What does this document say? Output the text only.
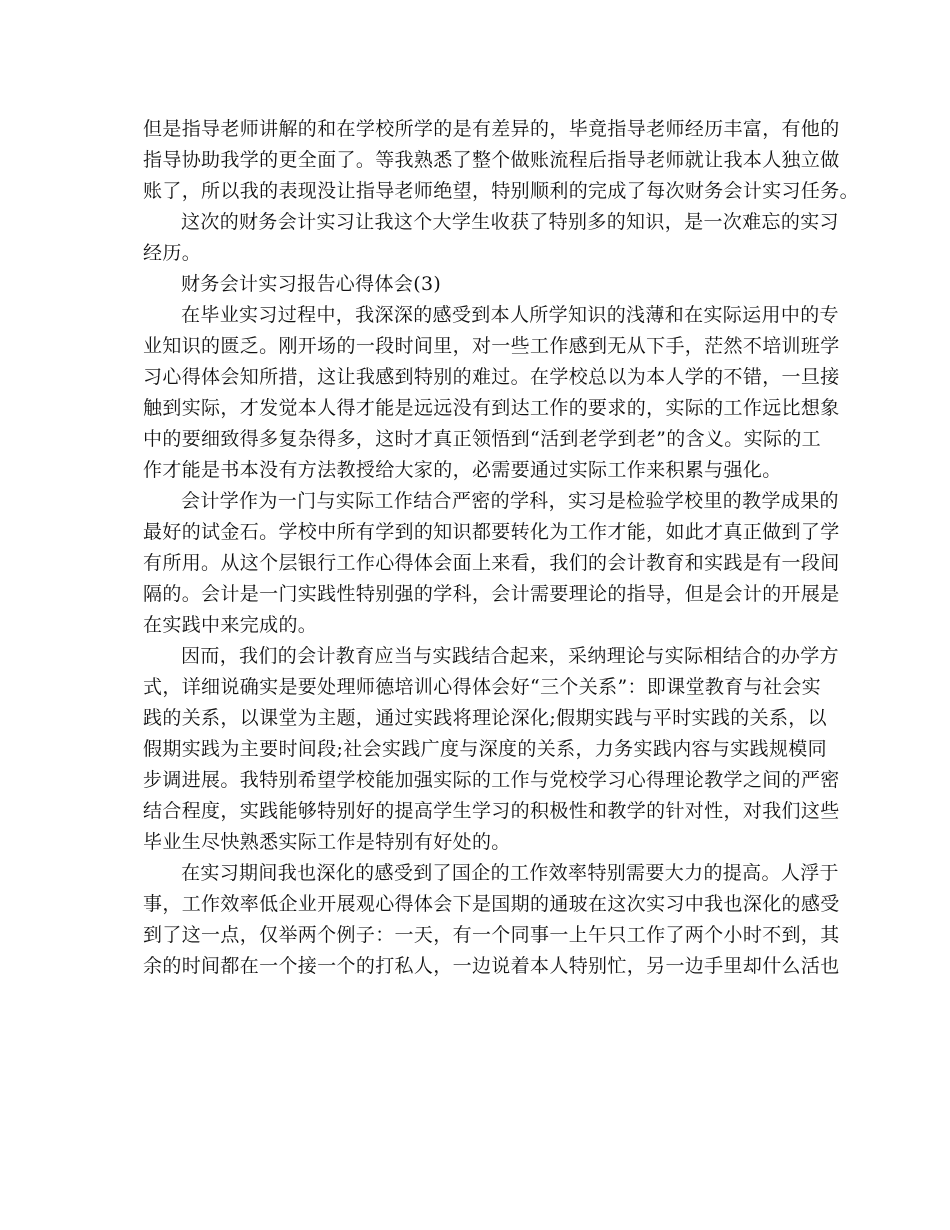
但是指导老师讲解的和在学校所学的是有差异的，毕竟指导老师经历丰富，有他的
指导协助我学的更全面了。等我熟悉了整个做账流程后指导老师就让我本人独立做
账了，所以我的表现没让指导老师绝望，特别顺利的完成了每次财务会计实习任务。
这次的财务会计实习让我这个大学生收获了特别多的知识，是一次难忘的实习
经历。
财务会计实习报告心得体会(3)
在毕业实习过程中，我深深的感受到本人所学知识的浅薄和在实际运用中的专
业知识的匮乏。刚开场的一段时间里，对一些工作感到无从下手，茫然不培训班学
习心得体会知所措，这让我感到特别的难过。在学校总以为本人学的不错，一旦接
触到实际，才发觉本人得才能是远远没有到达工作的要求的，实际的工作远比想象
中的要细致得多复杂得多，这时才真正领悟到“活到老学到老”的含义。实际的工
作才能是书本没有方法教授给大家的，必需要通过实际工作来积累与强化。
会计学作为一门与实际工作结合严密的学科，实习是检验学校里的教学成果的
最好的试金石。学校中所有学到的知识都要转化为工作才能，如此才真正做到了学
有所用。从这个层银行工作心得体会面上来看，我们的会计教育和实践是有一段间
隔的。会计是一门实践性特别强的学科，会计需要理论的指导，但是会计的开展是
在实践中来完成的。
因而，我们的会计教育应当与实践结合起来，采纳理论与实际相结合的办学方
式，详细说确实是要处理师德培训心得体会好“三个关系”：即课堂教育与社会实
践的关系，以课堂为主题，通过实践将理论深化;假期实践与平时实践的关系，以
假期实践为主要时间段;社会实践广度与深度的关系，力务实践内容与实践规模同
步调进展。我特别希望学校能加强实际的工作与党校学习心得理论教学之间的严密
结合程度，实践能够特别好的提高学生学习的积极性和教学的针对性，对我们这些
毕业生尽快熟悉实际工作是特别有好处的。
在实习期间我也深化的感受到了国企的工作效率特别需要大力的提高。人浮于
事，工作效率低企业开展观心得体会下是国期的通玻在这次实习中我也深化的感受
到了这一点，仅举两个例子：一天，有一个同事一上午只工作了两个小时不到，其
余的时间都在一个接一个的打私人，一边说着本人特别忙，另一边手里却什么活也
